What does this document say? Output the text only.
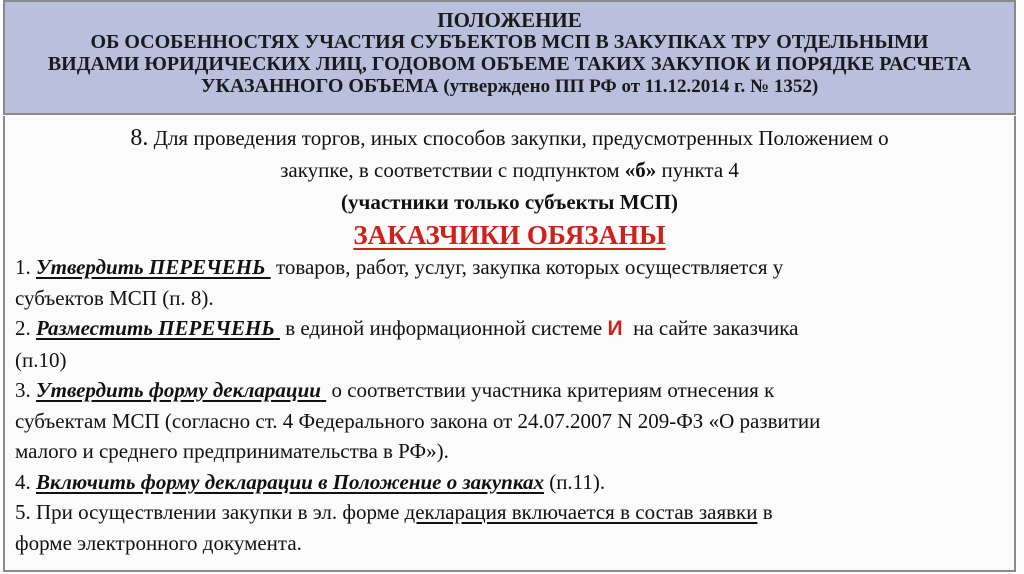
ПОЛОЖЕНИЕ
ОБ ОСОБЕННОСТЯХ УЧАСТИЯ СУБЪЕКТОВ МСП В ЗАКУПКАХ ТРУ ОТДЕЛЬНЫМИ
ВИДАМИ ЮРИДИЧЕСКИХ ЛИЦ, ГОДОВОМ ОБЪЕМЕ ТАКИХ ЗАКУПОК И ПОРЯДКЕ РАСЧЕТА
УКАЗАННОГО ОБЪЕМА (утверждено ПП РФ от 11.12.2014 г. № 1352)
8. Для проведения торгов, иных способов закупки, предусмотренных Положением о
закупке, в соответствии с подпунктом «б» пункта 4
(участники только субъекты МСП)
ЗАКАЗЧИКИ ОБЯЗАНЫ
1. Утвердить ПЕРЕЧЕНЬ товаров, работ, услуг, закупка которых осуществляется у
субъектов МСП (п. 8).
2. Разместить ПЕРЕЧЕНЬ в единой информационной системе И на сайте заказчика
(п.10)
3. Утвердить форму декларации о соответствии участника критериям отнесения к
субъектам МСП (согласно ст. 4 Федерального закона от 24.07.2007 N 209-ФЗ «О развитии
малого и среднего предпринимательства в РФ»).
4. Включить форму декларации в Положение о закупках (п.11).
5. При осуществлении закупки в эл. форме декларация включается в состав заявки в
форме электронного документа.
